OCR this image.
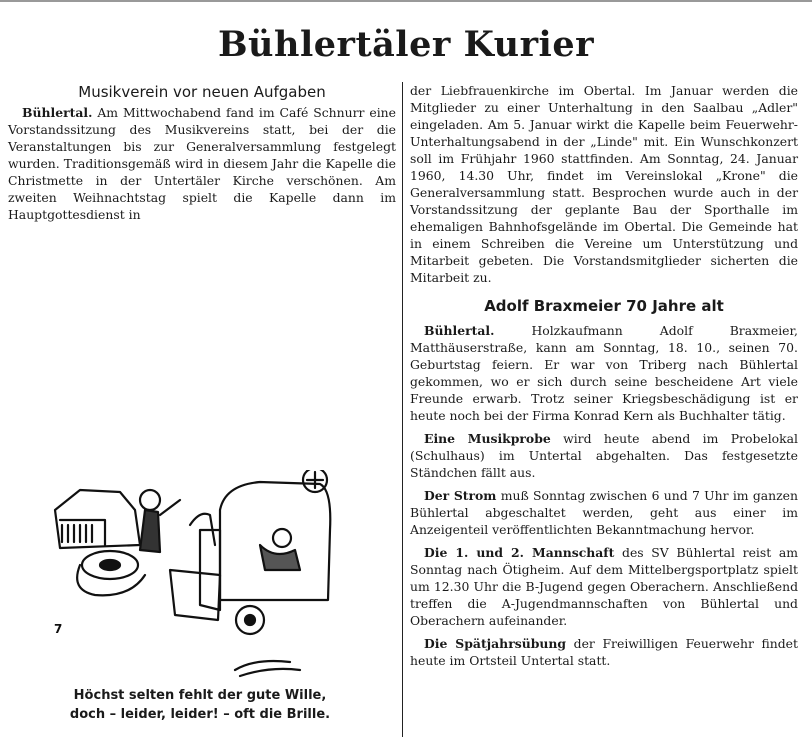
Bühlertäler Kurier
Musikverein vor neuen Aufgaben

Bühlertal. Am Mittwochabend fand im Café Schnurr eine Vorstandssitzung des Musikvereins statt, bei der die Veranstaltungen bis zur Generalversammlung festgelegt wurden. Traditionsgemäß wird in diesem Jahr die Kapelle die Christmette in der Untertäler Kirche verschönen. Am zweiten Weihnachtstag spielt die Kapelle dann im Hauptgottesdienst in

der Liebfrauenkirche im Obertal. Im Januar werden die Mitglieder zu einer Unterhaltung in den Saalbau „Adler" eingeladen. Am 5. Januar wirkt die Kapelle beim Feuerwehr-Unterhaltungsabend in der „Linde" mit. Ein Wunschkonzert soll im Frühjahr 1960 stattfinden. Am Sonntag, 24. Januar 1960, 14.30 Uhr, findet im Vereinslokal „Krone" die Generalversammlung statt. Besprochen wurde auch in der Vorstandssitzung der geplante Bau der Sporthalle im ehemaligen Bahnhofsgelände im Obertal. Die Gemeinde hat in einem Schreiben die Vereine um Unterstützung und Mitarbeit gebeten. Die Vorstandsmitglieder sicherten die Mitarbeit zu.

Adolf Braxmeier 70 Jahre alt

Bühlertal.	Holzkaufmann Adolf Braxmeier, Matthäuserstraße, kann am Sonntag, 18. 10., seinen 70. Geburtstag feiern. Er war von Triberg nach Bühlertal gekommen, wo er sich durch seine bescheidene Art viele Freunde erwarb. Trotz seiner Kriegsbeschädigung ist er heute noch bei der Firma Konrad Kern als Buchhalter tätig.

Eine Musikprobe wird heute abend im Probelokal (Schulhaus) im Untertal abgehalten. Das festgesetzte Ständchen fällt aus.

Der Strom muß Sonntag zwischen 6 und 7 Uhr im ganzen Bühlertal abgeschaltet werden, geht aus einer im Anzeigenteil veröffentlichten Bekanntmachung hervor.

Die 1. und 2. Mannschaft des SV Bühlertal reist am Sonntag nach Ötigheim. Auf dem Mittelbergsportplatz spielt um 12.30 Uhr die B-Jugend gegen Oberachern. Anschließend treffen die A-Jugendmannschaften von Bühlertal und Oberachern aufeinander.

Die Spätjahrsübung der Freiwilligen Feuerwehr findet heute im Ortsteil Untertal statt.

7
Höchst selten fehlt der gute Wille,
doch – leider, leider! – oft die Brille.
